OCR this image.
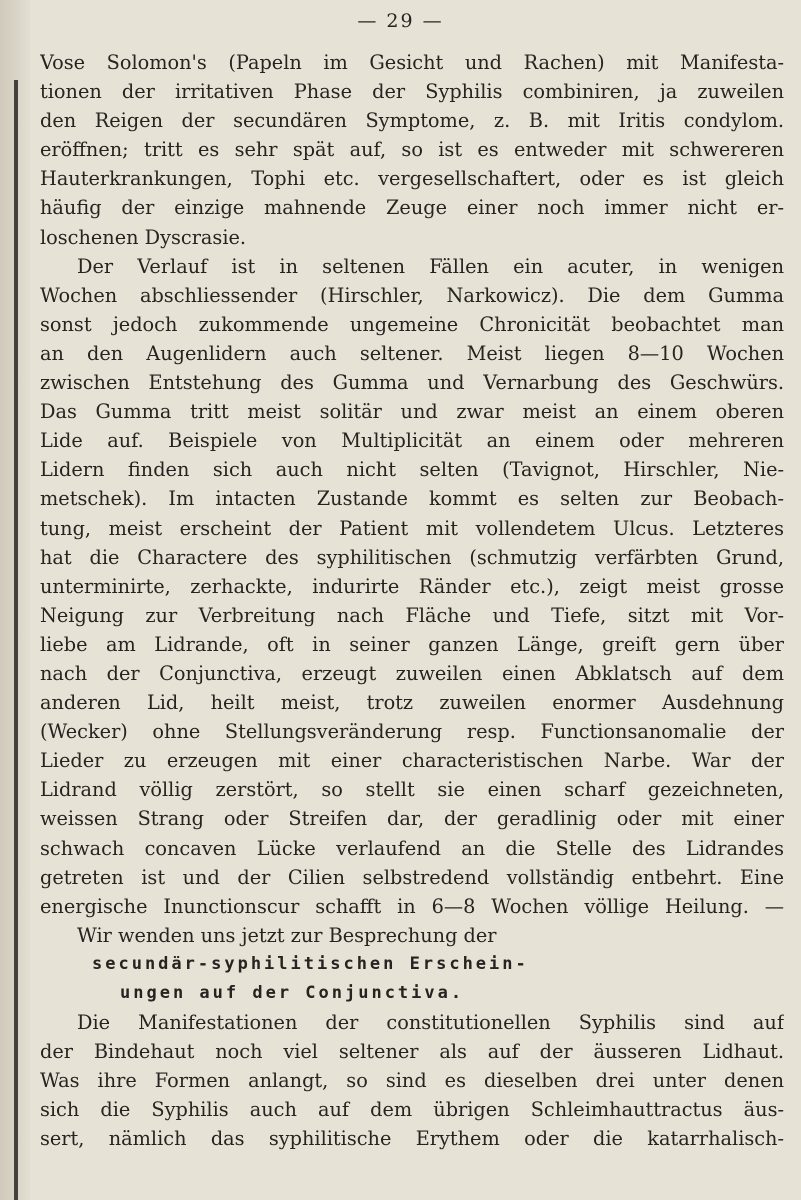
— 29 —
Vose Solomon's (Papeln im Gesicht und Rachen) mit Manifesta-
tionen der irritativen Phase der Syphilis combiniren, ja zuweilen
den Reigen der secundären Symptome, z. B. mit Iritis condylom.
eröffnen; tritt es sehr spät auf, so ist es entweder mit schwereren
Hauterkrankungen, Tophi etc. vergesellschaftert, oder es ist gleich
häufig der einzige mahnende Zeuge einer noch immer nicht er-
loschenen Dyscrasie.
Der Verlauf ist in seltenen Fällen ein acuter, in wenigen
Wochen abschliessender (Hirschler, Narkowicz). Die dem Gumma
sonst jedoch zukommende ungemeine Chronicität beobachtet man
an den Augenlidern auch seltener. Meist liegen 8—10 Wochen
zwischen Entstehung des Gumma und Vernarbung des Geschwürs.
Das Gumma tritt meist solitär und zwar meist an einem oberen
Lide auf. Beispiele von Multiplicität an einem oder mehreren
Lidern finden sich auch nicht selten (Tavignot, Hirschler, Nie-
metschek). Im intacten Zustande kommt es selten zur Beobach-
tung, meist erscheint der Patient mit vollendetem Ulcus. Letzteres
hat die Charactere des syphilitischen (schmutzig verfärbten Grund,
unterminirte, zerhackte, indurirte Ränder etc.), zeigt meist grosse
Neigung zur Verbreitung nach Fläche und Tiefe, sitzt mit Vor-
liebe am Lidrande, oft in seiner ganzen Länge, greift gern über
nach der Conjunctiva, erzeugt zuweilen einen Abklatsch auf dem
anderen Lid, heilt meist, trotz zuweilen enormer Ausdehnung
(Wecker) ohne Stellungsveränderung resp. Functionsanomalie der
Lieder zu erzeugen mit einer characteristischen Narbe. War der
Lidrand völlig zerstört, so stellt sie einen scharf gezeichneten,
weissen Strang oder Streifen dar, der geradlinig oder mit einer
schwach concaven Lücke verlaufend an die Stelle des Lidrandes
getreten ist und der Cilien selbstredend vollständig entbehrt. Eine
energische Inunctionscur schafft in 6—8 Wochen völlige Heilung. —
Wir wenden uns jetzt zur Besprechung der
secundär-syphilitischen Erschein-
ungen auf der Conjunctiva.
Die Manifestationen der constitutionellen Syphilis sind auf
der Bindehaut noch viel seltener als auf der äusseren Lidhaut.
Was ihre Formen anlangt, so sind es dieselben drei unter denen
sich die Syphilis auch auf dem übrigen Schleimhauttractus äus-
sert, nämlich das syphilitische Erythem oder die katarrhalisch-
